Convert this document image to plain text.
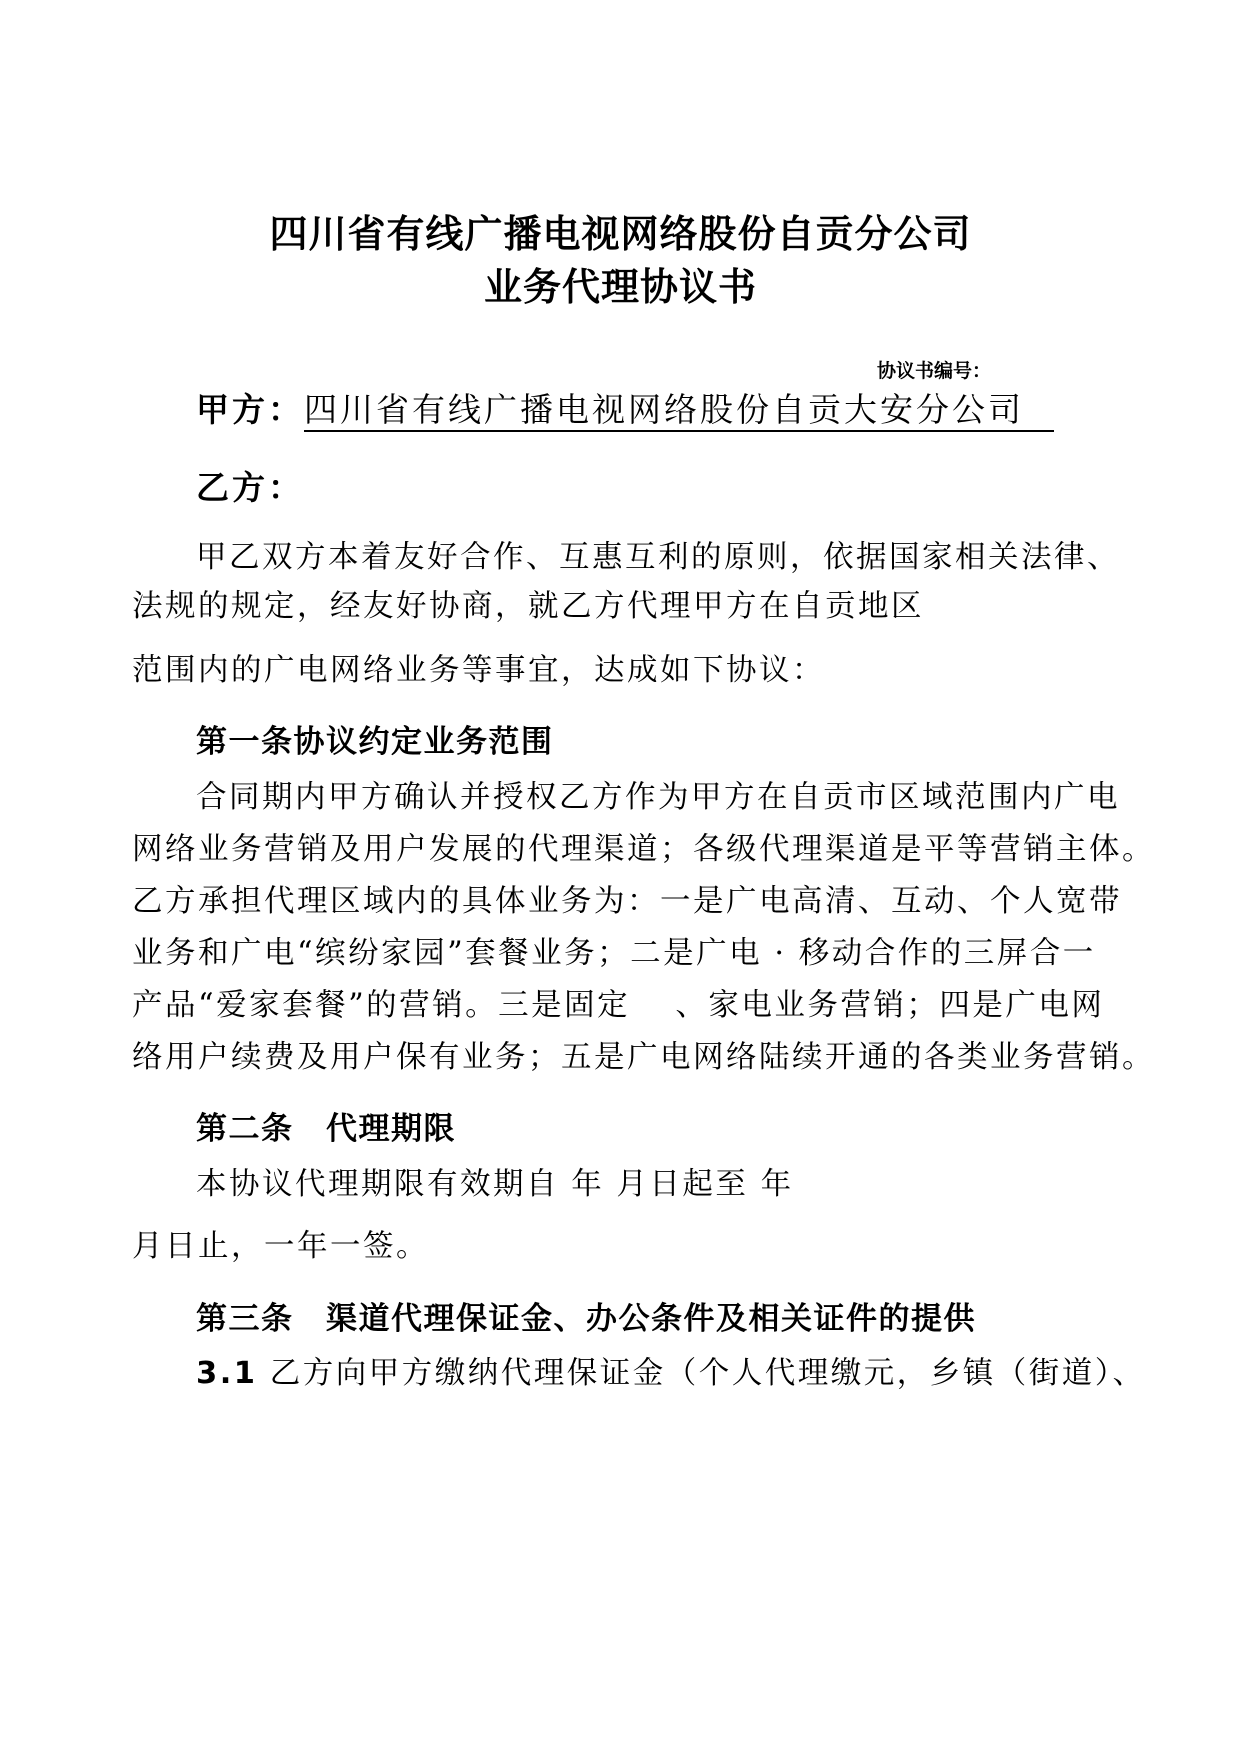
四川省有线广播电视网络股份自贡分公司
业务代理协议书
协议书编号：
甲方：四川省有线广播电视网络股份自贡大安分公司
乙方：
甲乙双方本着友好合作、互惠互利的原则，依据国家相关法律、
法规的规定，经友好协商，就乙方代理甲方在自贡地区
范围内的广电网络业务等事宜，达成如下协议：
第一条协议约定业务范围
合同期内甲方确认并授权乙方作为甲方在自贡市区域范围内广电
网络业务营销及用户发展的代理渠道；各级代理渠道是平等营销主体。
乙方承担代理区域内的具体业务为：一是广电高清、互动、个人宽带
业务和广电“缤纷家园”套餐业务；二是广电 · 移动合作的三屏合一
产品“爱家套餐”的营销。三是固定　 、家电业务营销；四是广电网
络用户续费及用户保有业务；五是广电网络陆续开通的各类业务营销。
第二条　代理期限
本协议代理期限有效期自 年 月日起至 年
月日止，一年一签。
第三条　渠道代理保证金、办公条件及相关证件的提供
3.1 乙方向甲方缴纳代理保证金（个人代理缴元，乡镇（街道）、
